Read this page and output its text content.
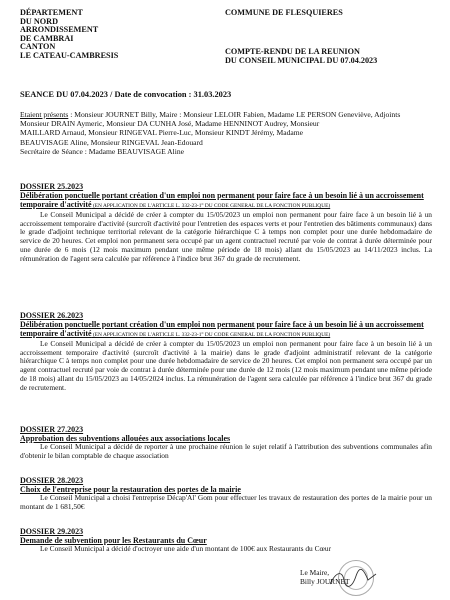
DÉPARTEMENT
DU NORD
ARRONDISSEMENT
DE CAMBRAI
CANTON
LE CATEAU-CAMBRESIS
COMMUNE DE FLESQUIERES
COMPTE-RENDU DE LA REUNION
DU CONSEIL MUNICIPAL DU 07.04.2023
SEANCE DU 07.04.2023 / Date de convocation : 31.03.2023

Etaient présents : Monsieur JOURNET Billy, Maire : Monsieur LELOIR Fabien, Madame LE PERSON Geneviève, Adjoints

Monsieur DRAIN Aymeric, Monsieur DA CUNHA José, Madame HENNINOT Audrey, Monsieur

MAILLARD Arnaud, Monsieur RINGEVAL Pierre-Luc, Monsieur KINDT Jérémy, Madame

BEAUVISAGE Aline, Monsieur RINGEVAL Jean-Edouard

Secrétaire de Séance : Madame BEAUVISAGE Aline

DOSSIER 25.2023

Délibération ponctuelle portant création d'un emploi non permanent pour faire face à un besoin lié à un accroissement temporaire d'activité (EN APPLICATION DE L'ARTICLE L. 332-23-1° DU CODE GENERAL DE LA FONCTION PUBLIQUE)

Le Conseil Municipal a décidé de créer à compter du 15/05/2023 un emploi non permanent pour faire face à un besoin lié à un accroissement temporaire d'activité (surcroît d'activité pour l'entretien des espaces verts et pour l'entretien des bâtiments communaux) dans le grade d'adjoint technique territorial relevant de la catégorie hiérarchique C à temps non complet pour une durée hebdomadaire de service de 20 heures. Cet emploi non permanent sera occupé par un agent contractuel recruté par voie de contrat à durée déterminée pour une durée de 6 mois (12 mois maximum pendant une même période de 18 mois) allant du 15/05/2023 au 14/11/2023 inclus. La rémunération de l'agent sera calculée par référence à l'indice brut 367 du grade de recrutement.

DOSSIER 26.2023

Délibération ponctuelle portant création d'un emploi non permanent pour faire face à un besoin lié à un accroissement temporaire d'activité (EN APPLICATION DE L'ARTICLE L. 332-23-1° DU CODE GENERAL DE LA FONCTION PUBLIQUE)

Le Conseil Municipal a décidé de créer à compter du 15/05/2023 un emploi non permanent pour faire face à un besoin lié à un accroissement temporaire d'activité (surcroît d'activité à la mairie) dans le grade d'adjoint administratif relevant de la catégorie hiérarchique C à temps non complet pour une durée hebdomadaire de service de 20 heures. Cet emploi non permanent sera occupé par un agent contractuel recruté par voie de contrat à durée déterminée pour une durée de 12 mois (12 mois maximum pendant une même période de 18 mois) allant du 15/05/2023 au 14/05/2024 inclus. La rémunération de l'agent sera calculée par référence à l'indice brut 367 du grade de recrutement.

DOSSIER 27.2023

Approbation des subventions allouées aux associations locales

Le Conseil Municipal a décidé de reporter à une prochaine réunion le sujet relatif à l'attribution des subventions communales afin d'obtenir le bilan comptable de chaque association

DOSSIER 28.2023

Choix de l'entreprise pour la restauration des portes de la mairie

Le Conseil Municipal a choisi l'entreprise Décap'Al' Gom pour effectuer les travaux de restauration des portes de la mairie pour un montant de 1 681,50€

DOSSIER 29.2023

Demande de subvention pour les Restaurants du Cœur

Le Conseil Municipal a décidé d'octroyer une aide d'un montant de 100€ aux Restaurants du Cœur

Le Maire,
Billy JOURNET
